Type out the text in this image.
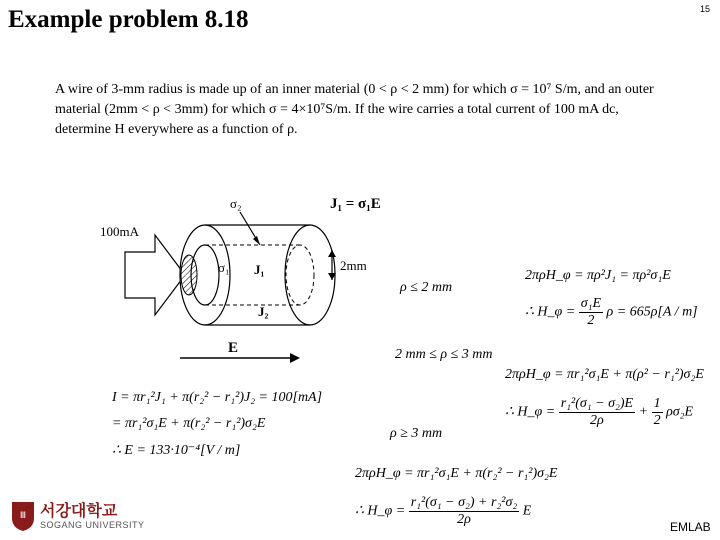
Example problem 8.18	15
A wire of 3-mm radius is made up of an inner material (0 < ρ < 2 mm) for which σ = 10⁷ S/m, and an outer material (2mm < ρ < 3mm) for which σ = 4×10⁷S/m. If the wire carries a total current of 100 mA dc, determine H everywhere as a function of ρ.
σ₂	J₁ = σ₁E
100mA
σ₁ J₁	2mm
J₂
E
I = πr₁²J₁ + π(r₂² − r₁²)J₂ = 100[mA]
= πr₁²σ₁E + π(r₂² − r₁²)σ₂E
∴ E = 133·10⁻⁴[V / m]
ρ ≤ 2 mm
2πρH_φ = πρ²J₁ = πρ²σ₁E
∴ H_φ = $\frac{\text{σ₁E}}{2}$ ρ = 665ρ[A / m]
2 mm ≤ ρ ≤ 3 mm
2πρH_φ = πr₁²σ₁E + π(ρ² − r₁²)σ₂E
∴ H_φ = $\frac{\text{r₁²(σ₁ − σ₂)E}}{2\rho} + \frac{1}{2} \rho\sigma_2E$
ρ ≥ 3 mm
2πρH_φ = πr₁²σ₁E + π(r₂² − r₁²)σ₂E
∴ H_φ = $\frac{\text{r₁²(σ₁ − σ₂) + r₂²σ₂}}{2\rho}$ E
Ⅲ 서강대학교
SOGANG UNIVERSITY	EMLAB
